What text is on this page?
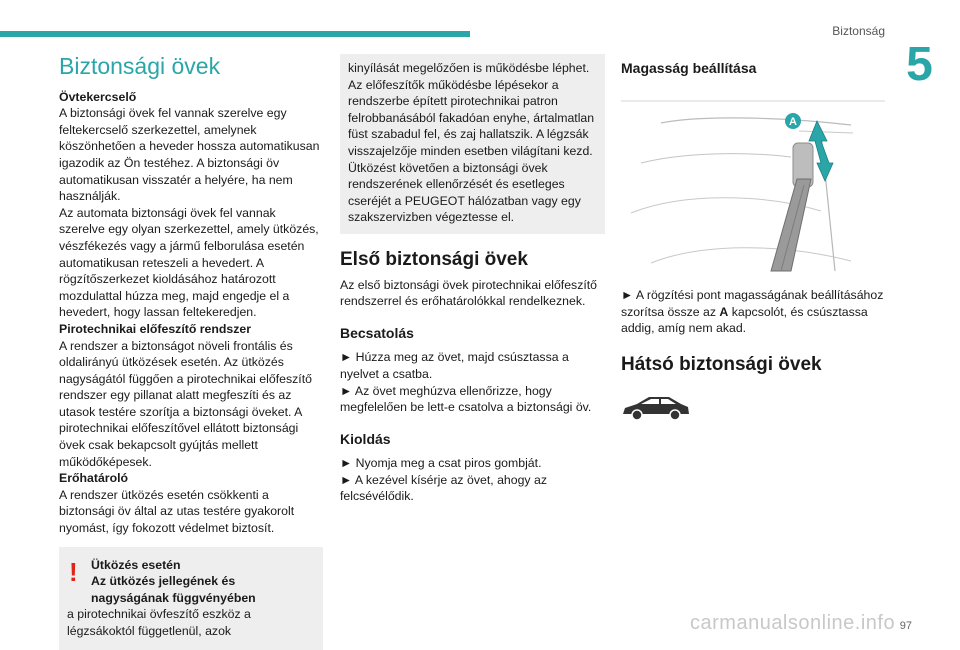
Biztonság
5
Biztonsági övek

Övtekercselő

A biztonsági övek fel vannak szerelve egy feltekercselő szerkezettel, amelynek köszönhetően a heveder hossza automatikusan igazodik az Ön testéhez. A biztonsági öv automatikusan visszatér a helyére, ha nem használják.

Az automata biztonsági övek fel vannak szerelve egy olyan szerkezettel, amely ütközés, vészfékezés vagy a jármű felborulása esetén automatikusan reteszeli a hevedert. A rögzítőszerkezet kioldásához határozott mozdulattal húzza meg, majd engedje el a hevedert, hogy lassan feltekeredjen.

Pirotechnikai előfeszítő rendszer

A rendszer a biztonságot növeli frontális és oldalirányú ütközések esetén. Az ütközés nagyságától függően a pirotechnikai előfeszítő rendszer egy pillanat alatt megfeszíti és az utasok testére szorítja a biztonsági öveket. A pirotechnikai előfeszítővel ellátott biztonsági övek csak bekapcsolt gyújtás mellett működőképesek.

Erőhatároló

A rendszer ütközés esetén csökkenti a biztonsági öv által az utas testére gyakorolt nyomást, így fokozott védelmet biztosít.

!	Ütközés esetén

Az ütközés jellegének és nagyságának függvényében

a pirotechnikai övfeszítő eszköz a légzsákoktól függetlenül, azok

kinyílását megelőzően is működésbe léphet. Az előfeszítők működésbe lépésekor a rendszerbe épített pirotechnikai patron felrobbanásából fakadóan enyhe, ártalmatlan füst szabadul fel, és zaj hallatszik. A légzsák visszajelzője minden esetben világítani kezd. Ütközést követően a biztonsági övek rendszerének ellenőrzését és esetleges cseréjét a PEUGEOT hálózatban vagy egy szakszervizben végeztesse el.

Első biztonsági övek

Az első biztonsági övek pirotechnikai előfeszítő rendszerrel és erőhatárolókkal rendelkeznek.

Becsatolás

► Húzza meg az övet, majd csúsztassa a nyelvet a csatba.

► Az övet meghúzva ellenőrizze, hogy megfelelően be lett-e csatolva a biztonsági öv.

Kioldás

► Nyomja meg a csat piros gombját.

► A kezével kísérje az övet, ahogy az felcsévélődik.

Magasság beállítása
A

► A rögzítési pont magasságának beállításához szorítsa össze az A kapcsolót, és csúsztassa addig, amíg nem akad.

Hátsó biztonsági övek
carmanualsonline.info 97
